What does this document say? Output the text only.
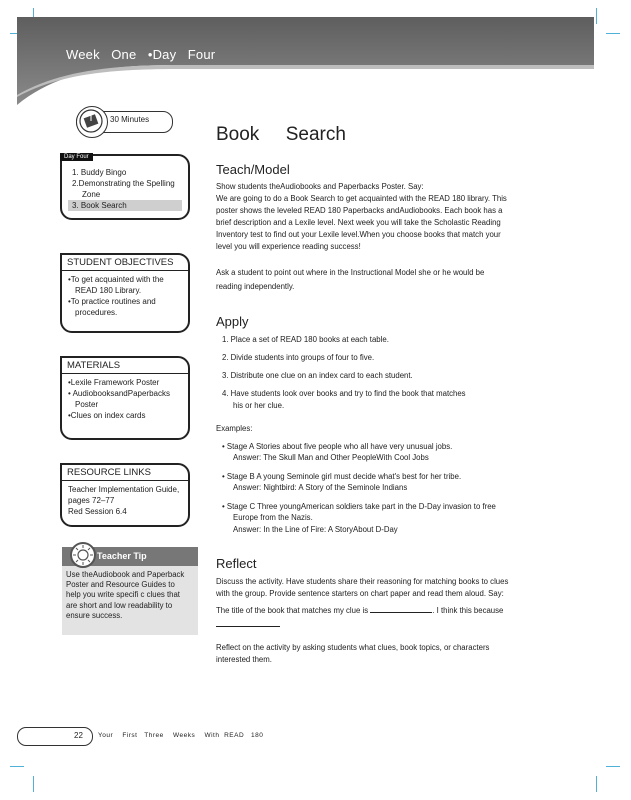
Week   One   •Day   Four
30 Minutes
1. Buddy Bingo
2.Demonstrating the Spelling
Zone
3. Book Search
Day Four
STUDENT OBJECTIVES
•To get acquainted with the
READ 180 Library.
•To practice routines and
procedures.
MATERIALS
•Lexile Framework Poster
• AudiobooksandPaperbacks
Poster
•Clues on index cards
RESOURCE LINKS
Teacher Implementation Guide,
pages 72–77
Red Session 6.4
Teacher Tip
Use theAudiobook and Paperback
Poster and Resource Guides to
help you write specifi c clues that
are short and low readability to
ensure success.
Book     Search
Teach/Model
Show students theAudiobooks and Paperbacks Poster. Say:
We are going to do a Book Search to get acquainted with the READ 180 library. This
poster shows the leveled READ 180 Paperbacks andAudiobooks. Each book has a
brief description and a Lexile level. Next week you will take the Scholastic Reading
Inventory test to find out your Lexile level.When you choose books that match your
level you will experience reading success!
Ask a student to point out where in the Instructional Model she or he would be
reading independently.
Apply
1. Place a set of READ 180 books at each table.
2. Divide students into groups of four to five.
3. Distribute one clue on an index card to each student.
4. Have students look over books and try to find the book that matches
his or her clue.
Examples:
• Stage A Stories about five people who all have very unusual jobs.
Answer: The Skull Man and Other PeopleWith Cool Jobs
• Stage B A young Seminole girl must decide what's best for her tribe.
Answer: Nightbird: A Story of the Seminole Indians
• Stage C Three youngAmerican soldiers take part in the D-Day invasion to free
Europe from the Nazis.
Answer: In the Line of Fire: A StoryAbout D-Day
Reflect
Discuss the activity. Have students share their reasoning for matching books to clues
with the group. Provide sentence starters on chart paper and read them aloud. Say:
The title of the book that matches my clue is	. I think this because
Reflect on the activity by asking students what clues, book topics, or characters
interested them.
22 Your    First   Three    Weeks    With  READ   180
